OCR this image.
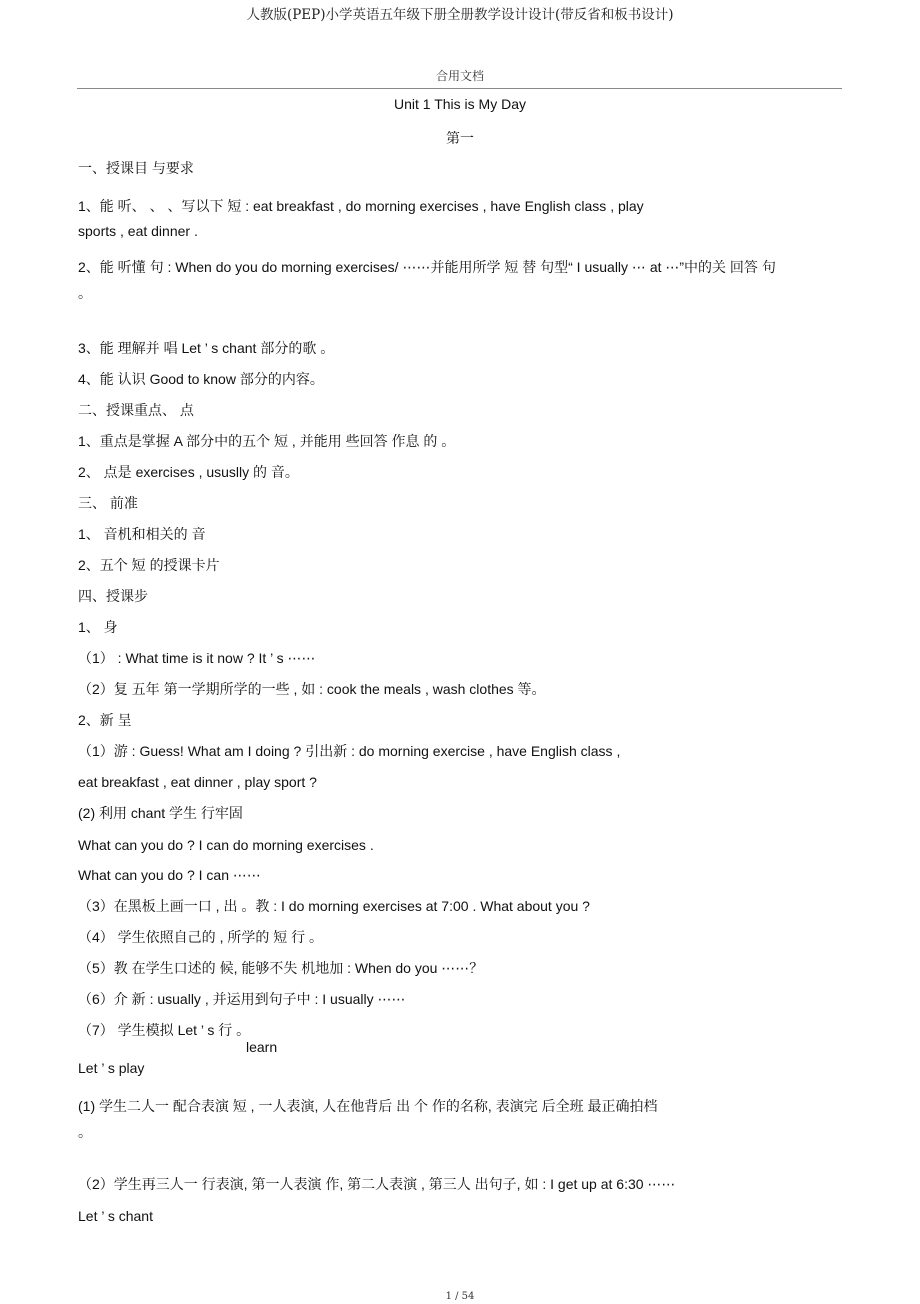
人教版(PEP)小学英语五年级下册全册教学设计设计(带反省和板书设计)
合用文档
Unit 1 This is My Day
第一
一、授课目 与要求
1、能 听、 、 、写以下 短 : eat breakfast , do morning exercises , have English class , play
sports , eat dinner .
2、能 听懂 句 : When do you do morning exercises/ ⋯⋯并能用所学 短 替 句型“ I usually ⋯ at ⋯”中的关 回答 句
。
3、能 理解并 唱 Let ’ s chant 部分的歌 。
4、能 认识 Good to know 部分的内容。
二、授课重点、 点
1、重点是掌握 A 部分中的五个 短 , 并能用 些回答 作息 的 。
2、 点是 exercises , ususlly 的 音。
三、 前准
1、 音机和相关的 音
2、五个 短 的授课卡片
四、授课步
1、 身
（1） : What time is it now ? It ’ s ⋯⋯
（2）复 五年 第一学期所学的一些 , 如 : cook the meals , wash clothes 等。
2、新 呈
（1）游 : Guess! What am I doing ? 引出新 : do morning exercise , have English class ,
eat breakfast , eat dinner , play sport ?
(2) 利用 chant 学生 行牢固
What can you do ? I can do morning exercises .
What can you do ? I can ⋯⋯
（3）在黑板上画一口 , 出 。教 : I do morning exercises at 7:00 . What about you ?
（4） 学生依照自己的 , 所学的 短 行 。
（5）教 在学生口述的 候, 能够不失 机地加 : When do you ⋯⋯？
（6）介 新 : usually , 并运用到句子中 : I usually ⋯⋯
（7） 学生模拟 Let ’ s 行 。
learn
Let ’ s play
(1) 学生二人一 配合表演 短 , 一人表演, 人在他背后 出 个 作的名称, 表演完 后全班 最正确拍档
。
（2）学生再三人一 行表演, 第一人表演 作, 第二人表演 , 第三人 出句子, 如 : I get up at 6:30 ⋯⋯
Let ’ s chant
1 / 54
